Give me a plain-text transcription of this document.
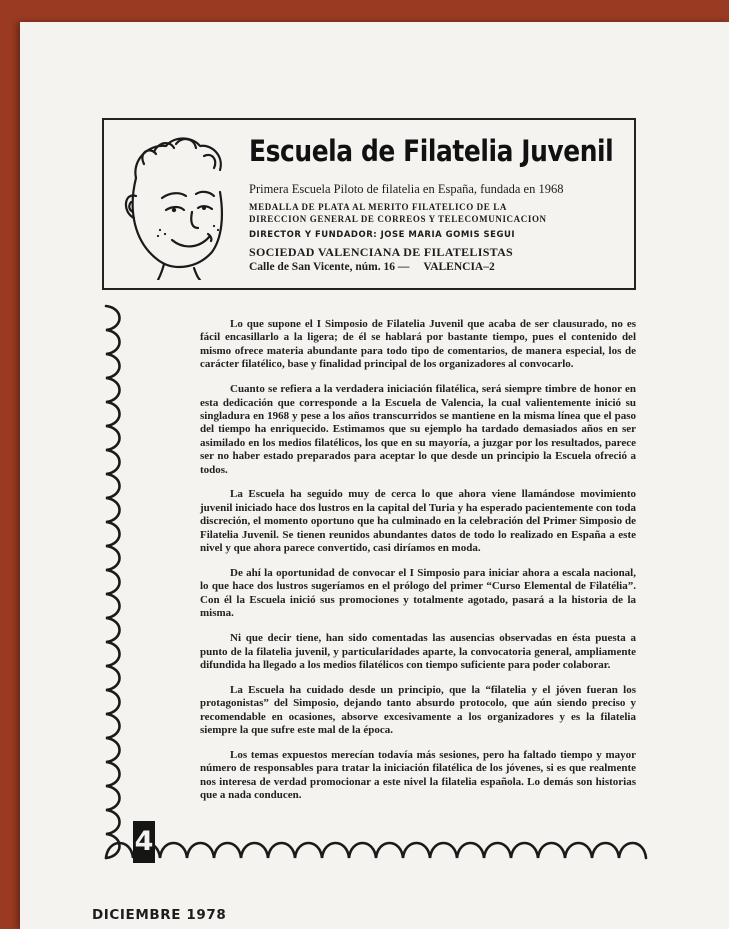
Escuela de Filatelia Juvenil
Primera Escuela Piloto de filatelia en España, fundada en 1968
MEDALLA DE PLATA AL MERITO FILATELICO DE LA
DIRECCION GENERAL DE CORREOS Y TELECOMUNICACION
DIRECTOR Y FUNDADOR: JOSE MARIA GOMIS SEGUI
SOCIEDAD VALENCIANA DE FILATELISTAS
Calle de San Vicente, núm. 16 — VALENCIA–2

Lo que supone el I Simposio de Filatelia Juvenil que acaba de ser clausurado, no es fácil encasillarlo a la ligera; de él se hablará por bastante tiempo, pues el contenido del mismo ofrece materia abundante para todo tipo de comentarios, de manera especial, los de carácter filatélico, base y finalidad principal de los organizadores al convocarlo.

Cuanto se refiera a la verdadera iniciación filatélica, será siempre timbre de honor en esta dedicación que corresponde a la Escuela de Valencia, la cual valientemente inició su singladura en 1968 y pese a los años transcurridos se mantiene en la misma línea que el paso del tiempo ha enriquecido. Estimamos que su ejemplo ha tardado demasiados años en ser asimilado en los medios filatélicos, los que en su mayoría, a juzgar por los resultados, parece ser no haber estado preparados para aceptar lo que desde un principio la Escuela ofreció a todos.

La Escuela ha seguido muy de cerca lo que ahora viene llamándose movimiento juvenil iniciado hace dos lustros en la capital del Turia y ha esperado pacientemente con toda discreción, el momento oportuno que ha culminado en la celebración del Primer Simposio de Filatelia Juvenil. Se tienen reunidos abundantes datos de todo lo realizado en España a este nivel y que ahora parece convertido, casi diríamos en moda.

De ahí la oportunidad de convocar el I Simposio para iniciar ahora a escala nacional, lo que hace dos lustros sugeríamos en el prólogo del primer “Curso Elemental de Filatélia”. Con él la Escuela inició sus promociones y totalmente agotado, pasará a la historia de la misma.

Ni que decir tiene, han sido comentadas las ausencias observadas en ésta puesta a punto de la filatelia juvenil, y particularidades aparte, la convocatoria general, ampliamente difundida ha llegado a los medios filatélicos con tiempo suficiente para poder colaborar.

La Escuela ha cuidado desde un principio, que la “filatelia y el jóven fueran los protagonistas” del Simposio, dejando tanto absurdo protocolo, que aún siendo preciso y recomendable en ocasiones, absorve excesivamente a los organizadores y es la filatelia siempre la que sufre este mal de la época.

Los temas expuestos merecían todavía más sesiones, pero ha faltado tiempo y mayor número de responsables para tratar la iniciación filatélica de los jóvenes, si es que realmente nos interesa de verdad promocionar a este nivel la filatelia española. Lo demás son historias que a nada conducen.

4
DICIEMBRE 1978
